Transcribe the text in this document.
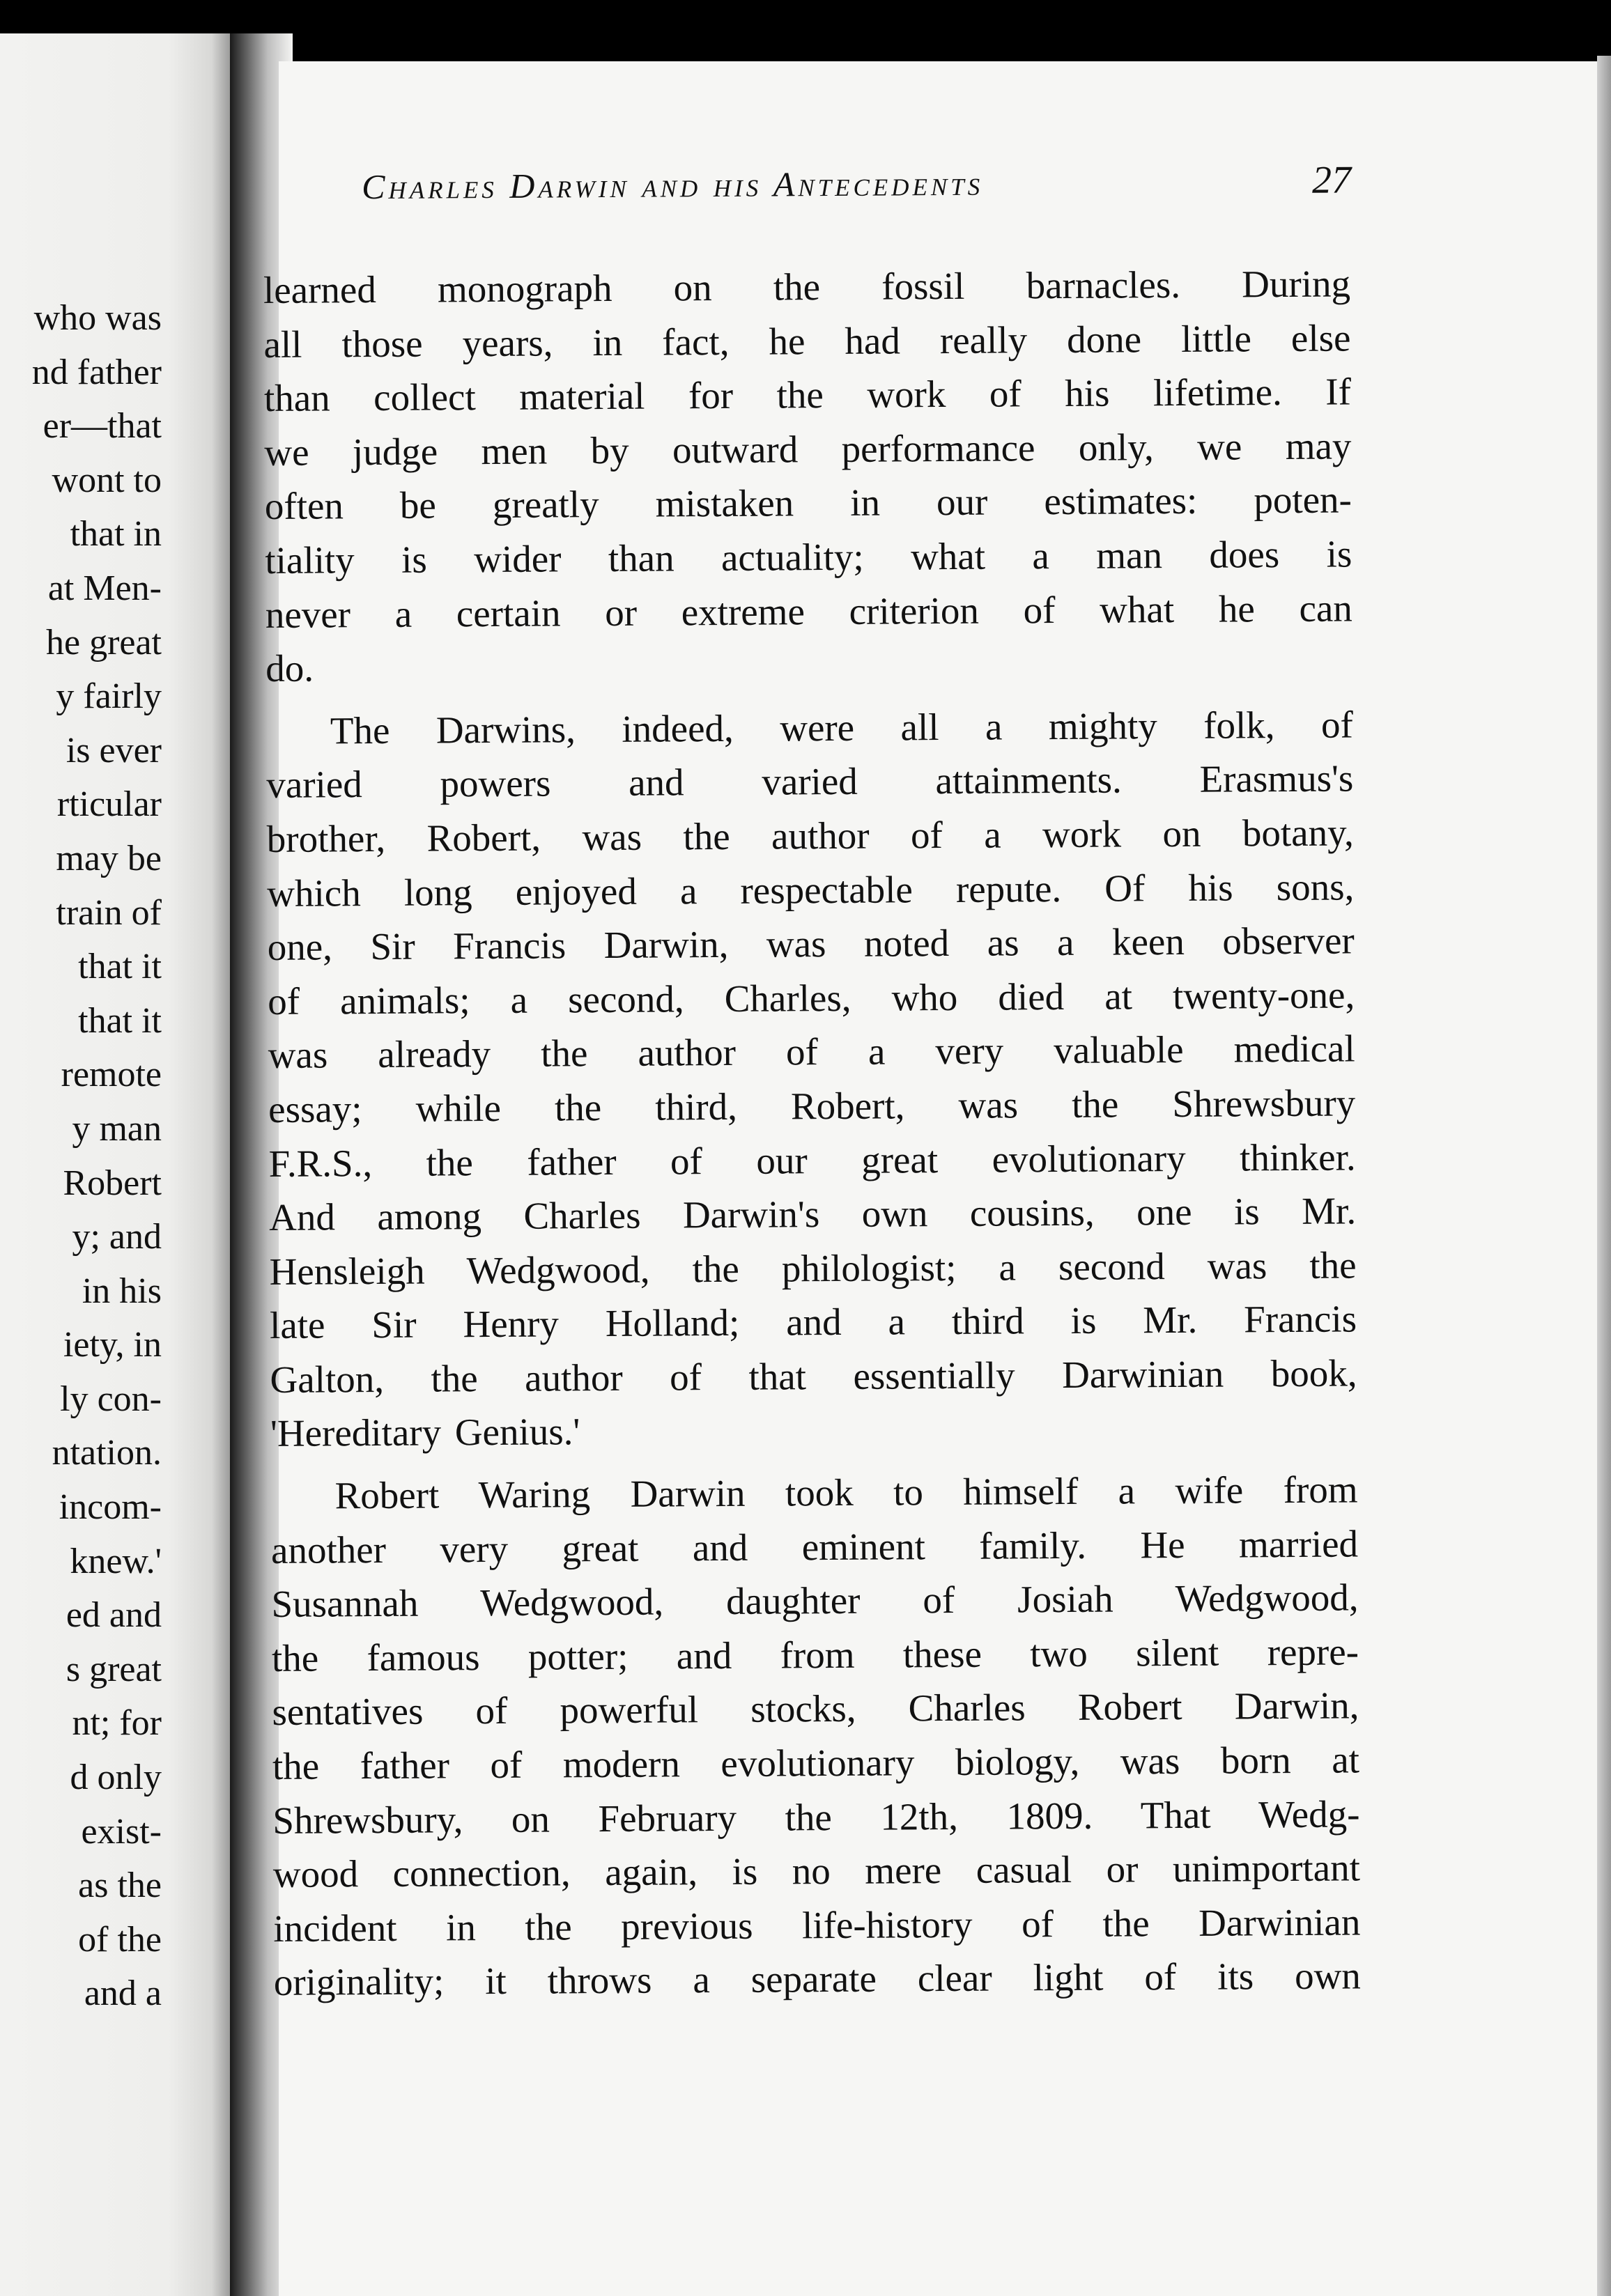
who was
nd father
er—that
wont to
that in
at Men-
he great
y fairly
is ever
rticular
may be
train of
that it
that it
remote
y man
Robert
y; and
in his
iety, in
ly con-
ntation.
incom-
knew.'
ed and
s great
nt; for
d only
exist-
as the
of the
and a
Charles Darwin and his Antecedents	27
learned monograph on the fossil barnacles. During
all those years, in fact, he had really done little else
than collect material for the work of his lifetime. If
we judge men by outward performance only, we may
often be greatly mistaken in our estimates: poten-
tiality is wider than actuality; what a man does is
never a certain or extreme criterion of what he can
do.
The Darwins, indeed, were all a mighty folk, of
varied powers and varied attainments. Erasmus's
brother, Robert, was the author of a work on botany,
which long enjoyed a respectable repute. Of his sons,
one, Sir Francis Darwin, was noted as a keen observer
of animals; a second, Charles, who died at twenty-one,
was already the author of a very valuable medical
essay; while the third, Robert, was the Shrewsbury
F.R.S., the father of our great evolutionary thinker.
And among Charles Darwin's own cousins, one is Mr.
Hensleigh Wedgwood, the philologist; a second was the
late Sir Henry Holland; and a third is Mr. Francis
Galton, the author of that essentially Darwinian book,
'Hereditary Genius.'
Robert Waring Darwin took to himself a wife from
another very great and eminent family. He married
Susannah Wedgwood, daughter of Josiah Wedgwood,
the famous potter; and from these two silent repre-
sentatives of powerful stocks, Charles Robert Darwin,
the father of modern evolutionary biology, was born at
Shrewsbury, on February the 12th, 1809. That Wedg-
wood connection, again, is no mere casual or unimportant
incident in the previous life-history of the Darwinian
originality; it throws a separate clear light of its own
